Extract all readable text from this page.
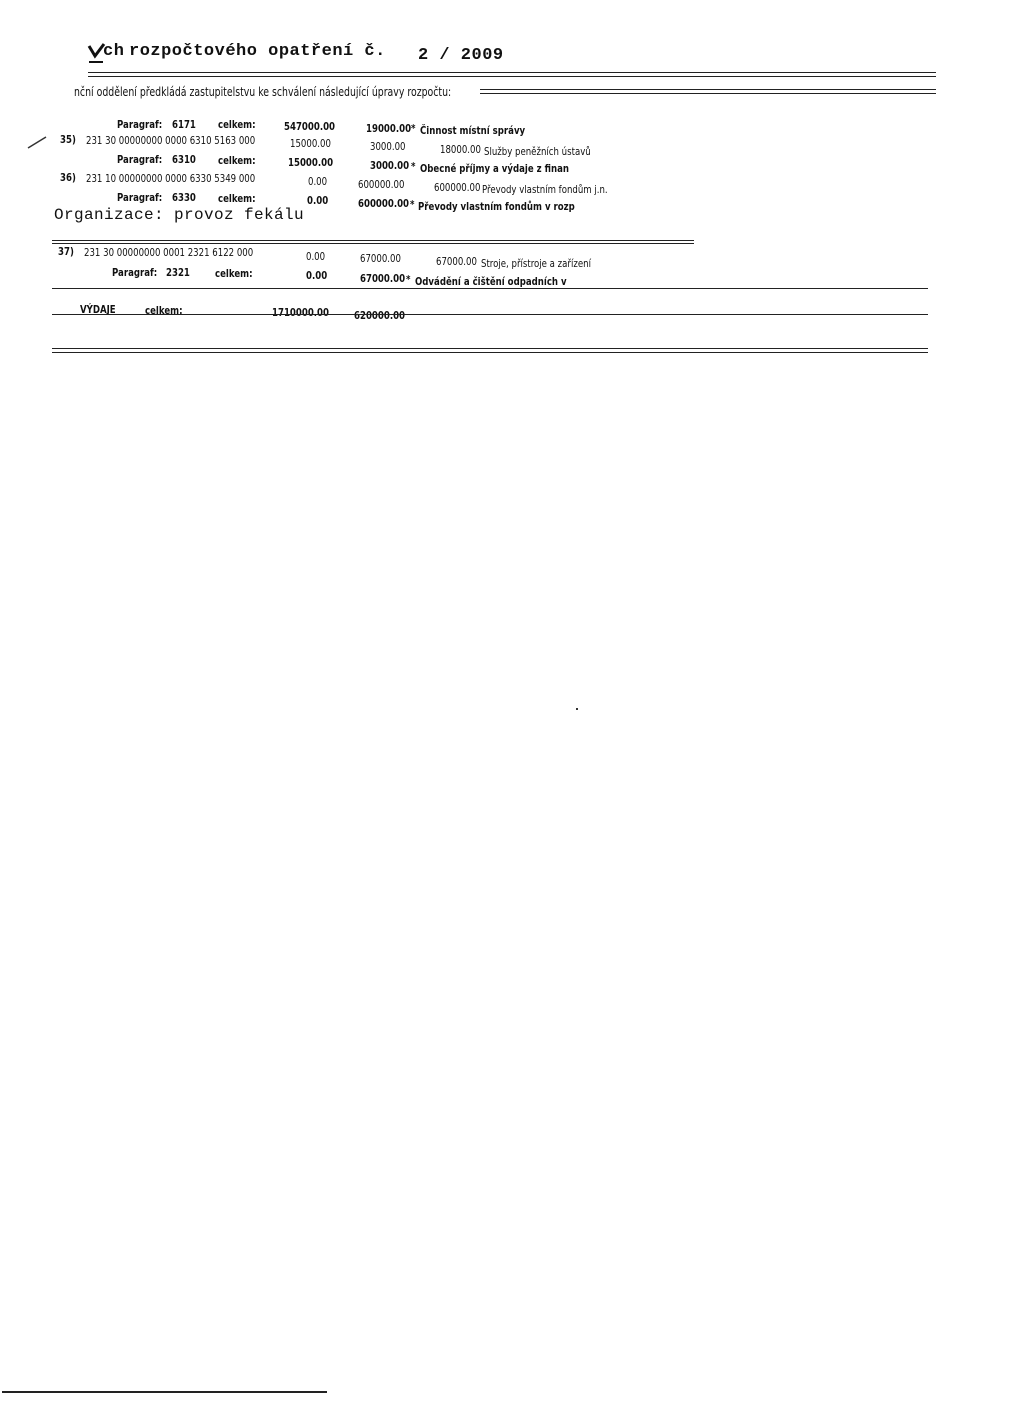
ch rozpočtového opatření č. 2 / 2009
nční oddělení předkládá zastupitelstvu ke schválení následující úpravy rozpočtu:
Paragraf: 6171 celkem:	547000.00	19000.00 * Činnost místní správy
35) 231 30 00000000 0000 6310 5163 000	15000.00	3000.00	18000.00 Služby peněžních ústavů
Paragraf: 6310 celkem:	15000.00	3000.00 * Obecné příjmy a výdaje z finan
36) 231 10 00000000 0000 6330 5349 000	0.00	600000.00	600000.00 Převody vlastním fondům j.n.
Paragraf: 6330 celkem:	0.00	600000.00 * Převody vlastním fondům v rozp
Organizace: provoz fekálu
37) 231 30 00000000 0001 2321 6122 000	0.00	67000.00	67000.00 Stroje, přístroje a zařízení
Paragraf: 2321 celkem:	0.00	67000.00 * Odvádění a čištění odpadních v
VÝDAJE	celkem:	1710000.00 620000.00
